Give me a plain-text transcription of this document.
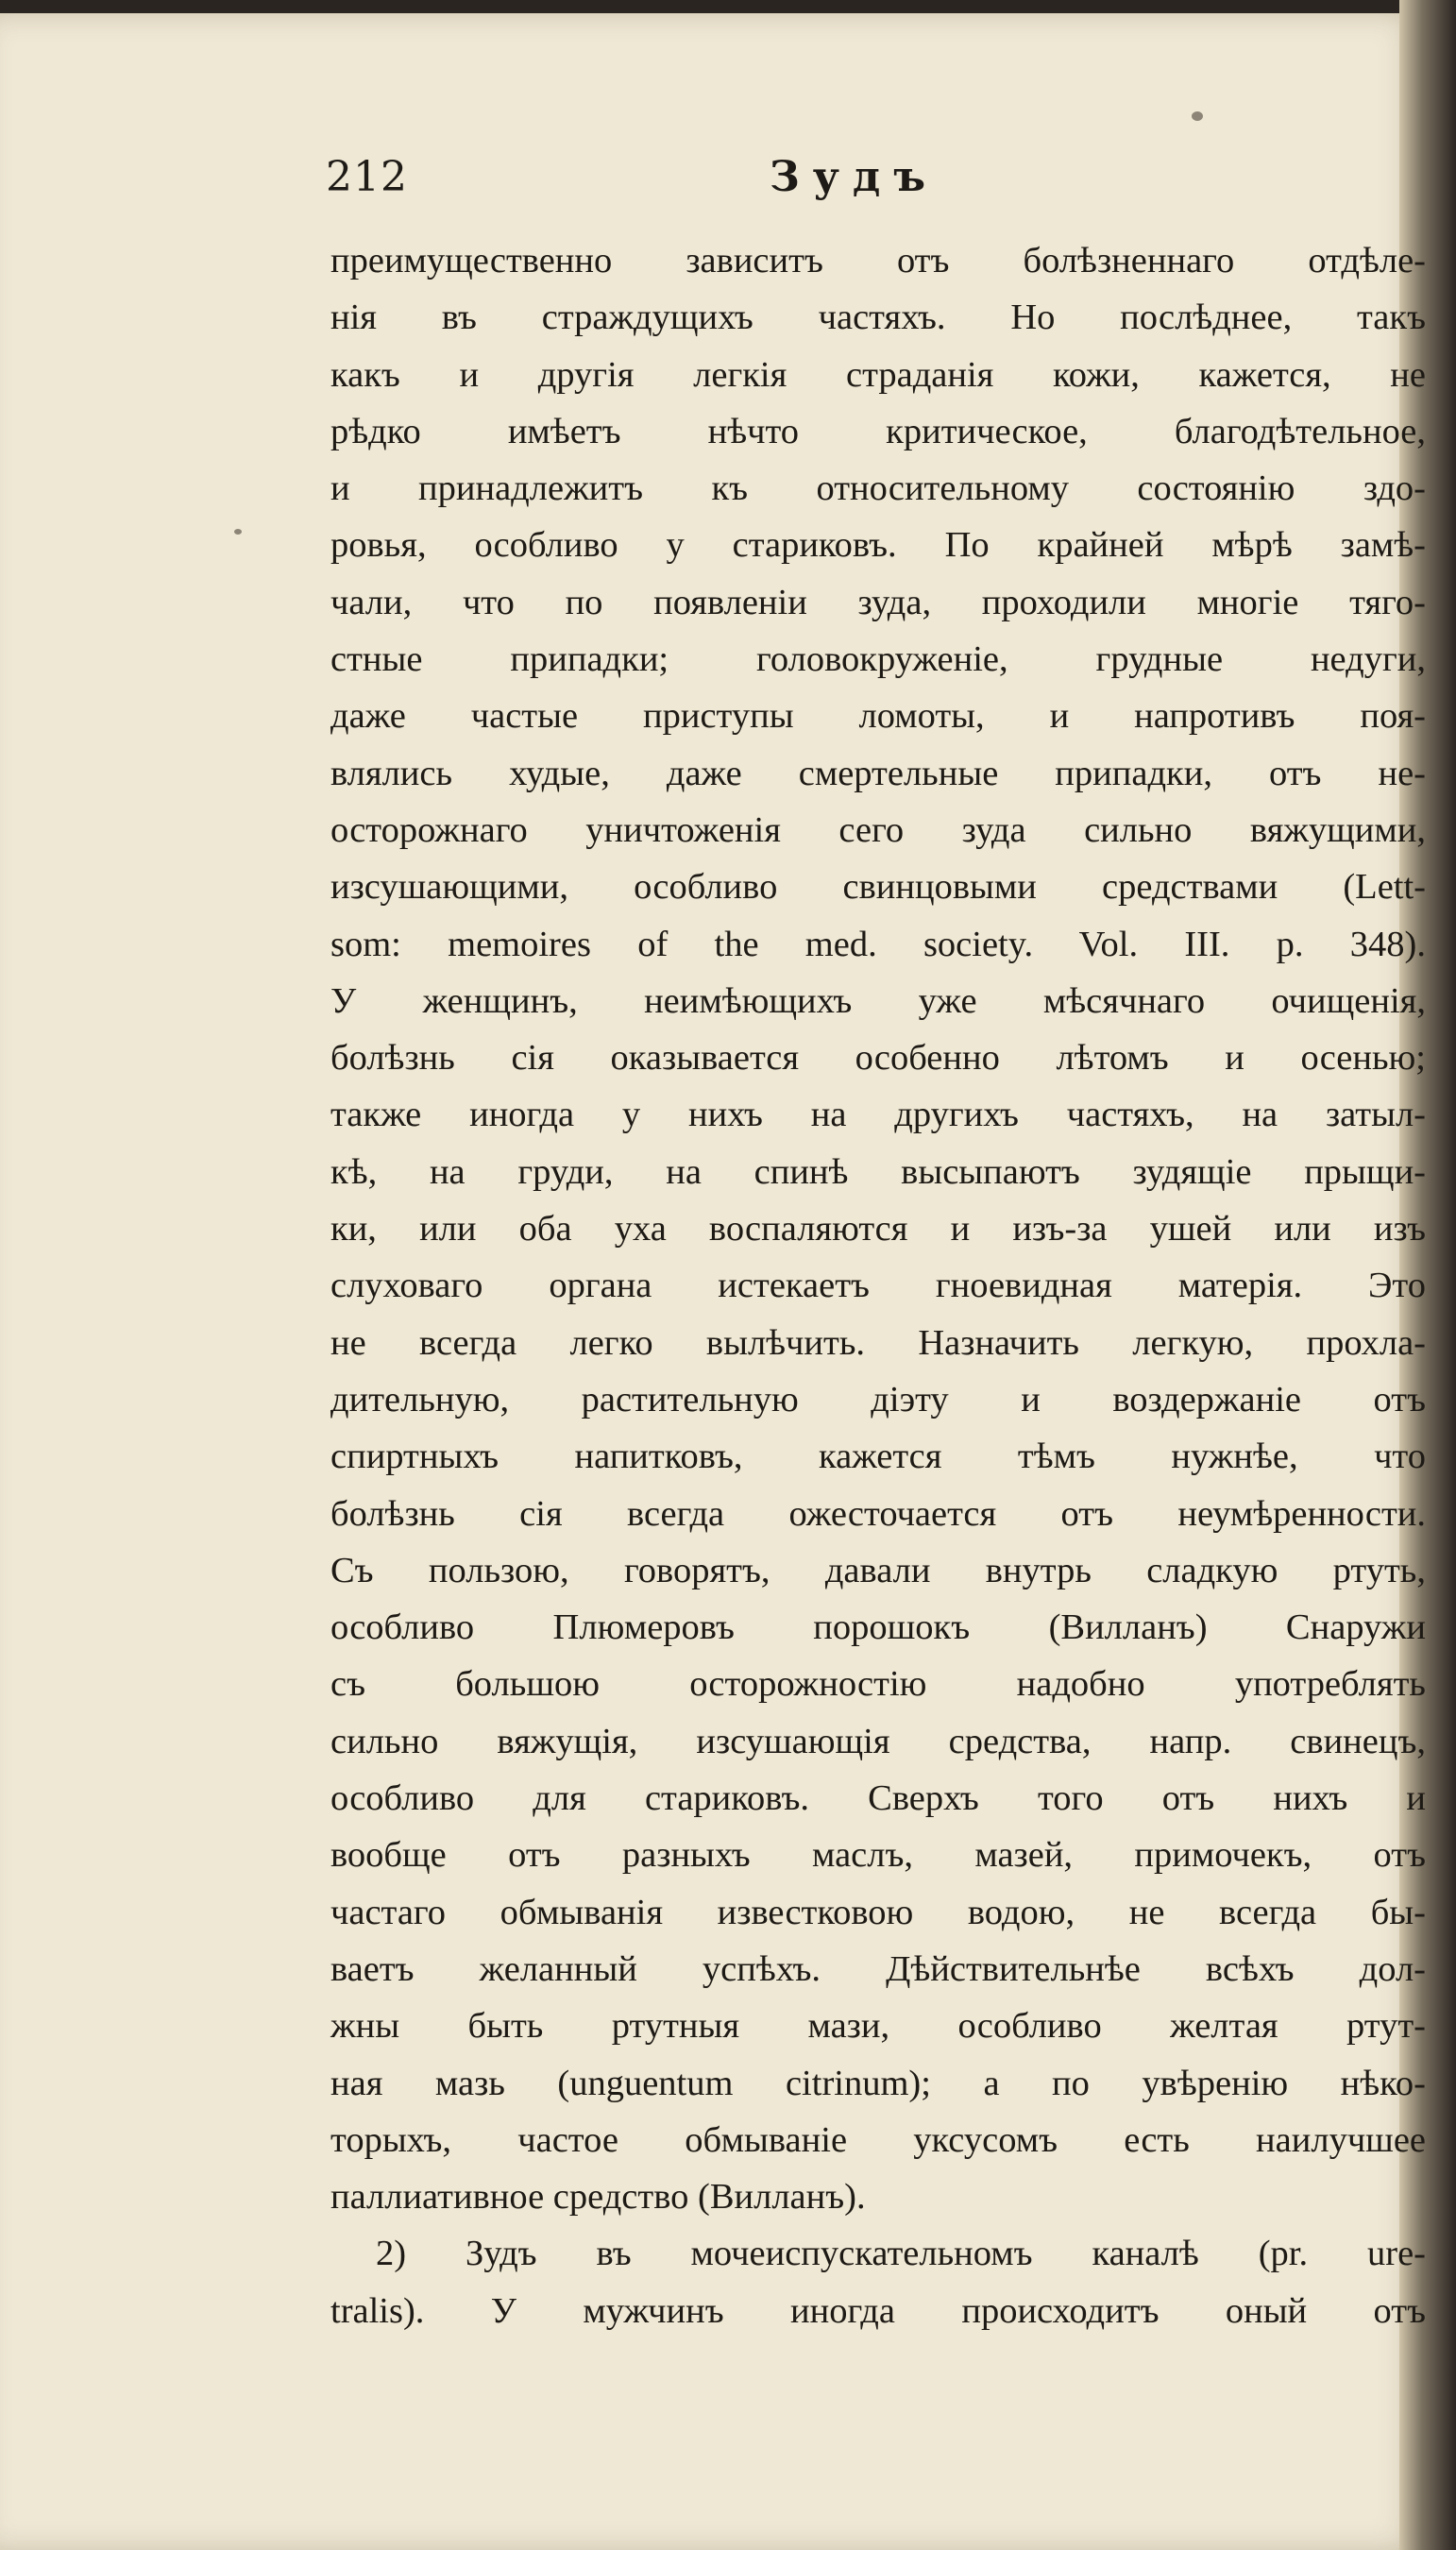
212	Зудъ
преимущественно зависитъ отъ болѣзненнаго отдѣле-
нія въ страждущихъ частяхъ. Но послѣднее, такъ
какъ и другія легкія страданія кожи, кажется, не
рѣдко имѣетъ нѣчто критическое, благодѣтельное,
и принадлежитъ къ относительному состоянію здо-
ровья, особливо у стариковъ. По крайней мѣрѣ замѣ-
чали, что по появленіи зуда, проходили многіе тяго-
стные припадки; головокруженіе, грудные недуги,
даже частые приступы ломоты, и напротивъ поя-
влялись худые, даже смертельные припадки, отъ не-
осторожнаго уничтоженія сего зуда сильно вяжущими,
изсушающими, особливо свинцовыми средствами (Lett-
som: memoires of the med. society. Vol. III. p. 348).
У женщинъ, неимѣющихъ уже мѣсячнаго очищенія,
болѣзнь сія оказывается особенно лѣтомъ и осенью;
также иногда у нихъ на другихъ частяхъ, на затыл-
кѣ, на груди, на спинѣ высыпаютъ зудящіе прыщи-
ки, или оба уха воспаляются и изъ-за ушей или изъ
слуховаго органа истекаетъ гноевидная матерія. Это
не всегда легко вылѣчить. Назначить легкую, прохла-
дительную, растительную діэту и воздержаніе отъ
спиртныхъ напитковъ, кажется тѣмъ нужнѣе, что
болѣзнь сія всегда ожесточается отъ неумѣренности.
Съ пользою, говорятъ, давали внутрь сладкую ртуть,
особливо Плюмеровъ порошокъ (Вилланъ) Снаружи
съ большою осторожностію надобно употреблять
сильно вяжущія, изсушающія средства, напр. свинецъ,
особливо для стариковъ. Сверхъ того отъ нихъ и
вообще отъ разныхъ маслъ, мазей, примочекъ, отъ
частаго обмыванія известковою водою, не всегда бы-
ваетъ желанный успѣхъ. Дѣйствительнѣе всѣхъ дол-
жны быть ртутныя мази, особливо желтая ртут-
ная мазь (unguentum citrinum); а по увѣренію нѣко-
торыхъ, частое обмываніе уксусомъ есть наилучшее
паллиативное средство (Вилланъ).
2) Зудъ въ мочеиспускательномъ каналѣ (pr. ure-
tralis). У мужчинъ иногда происходитъ оный отъ
